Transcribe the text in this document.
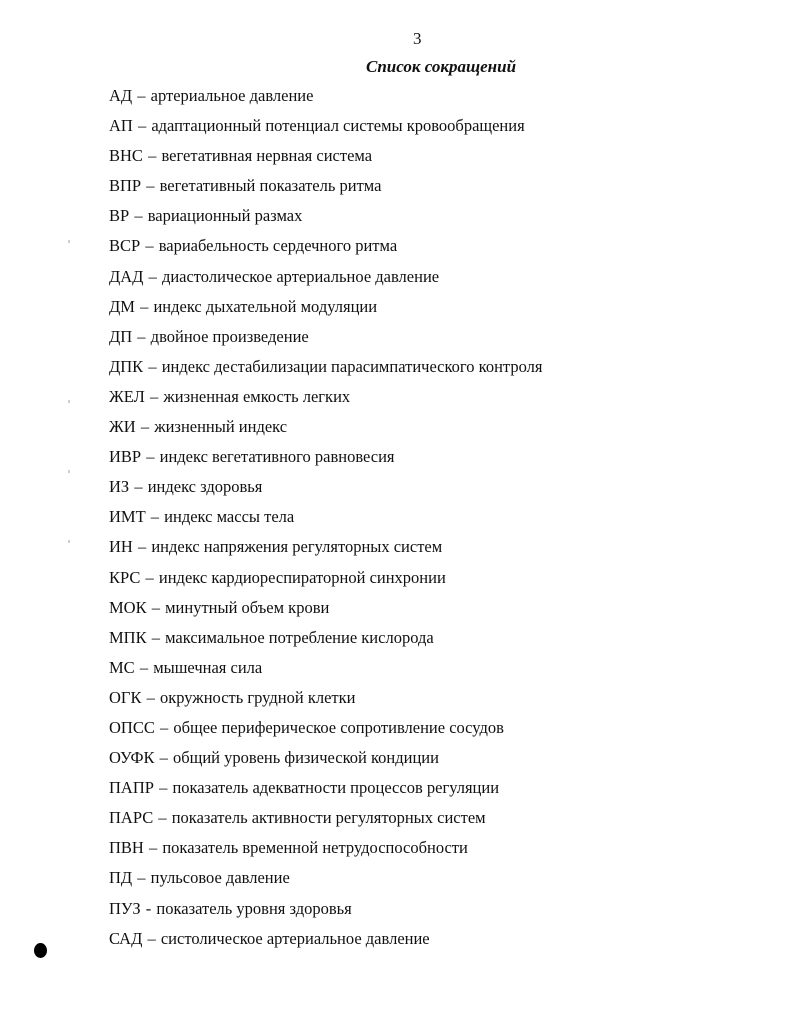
3
Список сокращений
АД – артериальное давление
АП – адаптационный потенциал системы кровообращения
ВНС – вегетативная нервная система
ВПР – вегетативный показатель ритма
ВР – вариационный размах
ВСР – вариабельность сердечного ритма
ДАД – диастолическое артериальное давление
ДМ – индекс дыхательной модуляции
ДП – двойное произведение
ДПК – индекс дестабилизации парасимпатического контроля
ЖЕЛ – жизненная емкость легких
ЖИ – жизненный индекс
ИВР – индекс вегетативного равновесия
ИЗ – индекс здоровья
ИМТ – индекс массы тела
ИН – индекс напряжения регуляторных систем
КРС – индекс кардиореспираторной синхронии
МОК – минутный объем крови
МПК – максимальное потребление кислорода
МС – мышечная сила
ОГК – окружность грудной клетки
ОПСС – общее периферическое сопротивление сосудов
ОУФК – общий уровень физической кондиции
ПАПР – показатель адекватности процессов регуляции
ПАРС – показатель активности регуляторных систем
ПВН – показатель временной нетрудоспособности
ПД – пульсовое давление
ПУЗ - показатель уровня здоровья
САД – систолическое артериальное давление
